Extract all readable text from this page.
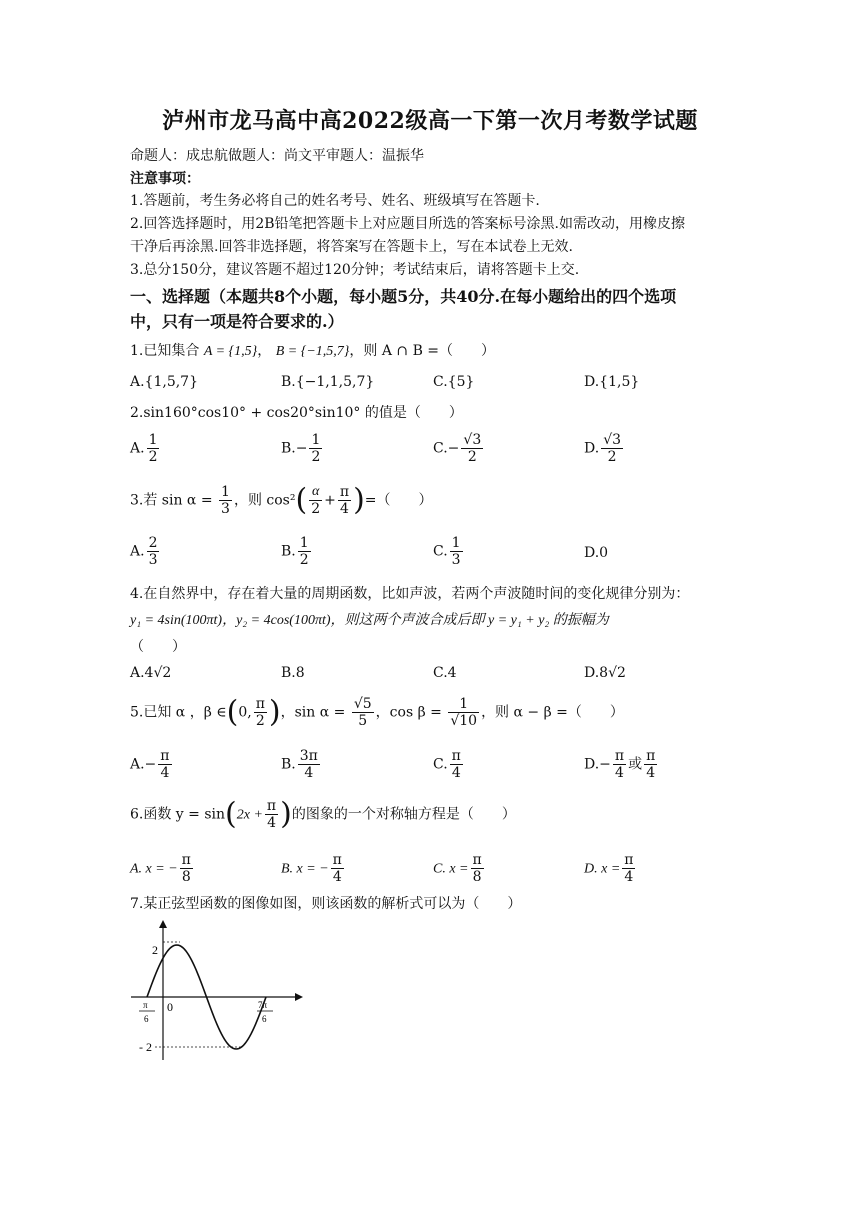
泸州市龙马高中高2022级高一下第一次月考数学试题
命题人：成忠航做题人：尚文平审题人：温振华
注意事项：
1.答题前，考生务必将自己的姓名考号、姓名、班级填写在答题卡.
2.回答选择题时，用2B铅笔把答题卡上对应题目所选的答案标号涂黑.如需改动，用橡皮擦
干净后再涂黑.回答非选择题，将答案写在答题卡上，写在本试卷上无效.
3.总分150分，建议答题不超过120分钟；考试结束后，请将答题卡上交.
一、选择题（本题共8个小题，每小题5分，共40分.在每小题给出的四个选项
中，只有一项是符合要求的.）
1.已知集合 A = {1,5}， B = {−1,5,7}，则 A ∩ B =（　　）
A.{1,5,7}	B.{−1,1,5,7}	C.{5}	D.{1,5}
2.sin160°cos10° + cos20°sin10° 的值是（　　）
A. $\frac{1}{2}$	$B.- \frac{1}{2}$	$C.- \frac{√3}{2}$	D. $\frac{√3}{2}$
3.若 $\sin \alpha = \frac{1}{3}$ ，则 $\cos^2( \frac{\alpha}{2} + \frac{\pi}{4}$ )=（　　）
A. $\frac{2}{3}$	B. $\frac{1}{2}$	C. $\frac{1}{3}$	D.0
4.在自然界中，存在着大量的周期函数，比如声波，若两个声波随时间的变化规律分别为：
y₁ = 4sin(100πt)，y₂ = 4cos(100πt)，则这两个声波合成后即 y = y₁ + y₂ 的振幅为
（　　）
A.4√2	B.8	C.4	D.8√2
5.已知 α ，β ∈(0, $\frac{\pi}{2}$ )，$\sin \alpha = \frac{√5}{5}$ ，$\cos \beta = \frac{1}{√10}$ ，则 α − β =（　　）
$A.- \frac{\pi}{4}$	B. $\frac{3\pi}{4}$	C. $\frac{\pi}{4}$	$D.- \frac{\pi}{4}$ 或 $\frac{\pi}{4}$
6.函数 $y = \sin(2x + \frac{\pi}{4}$ )的图象的一个对称轴方程是（　　）
A. x = − $\frac{\pi}{8}$	B. x = − $\frac{\pi}{4}$	C. $x = \frac{\pi}{8}$	D. $x = \frac{\pi}{4}$
7.某正弦型函数的图像如图，则该函数的解析式可以为（　　）
2
- 2
0
π
6
7π
6
